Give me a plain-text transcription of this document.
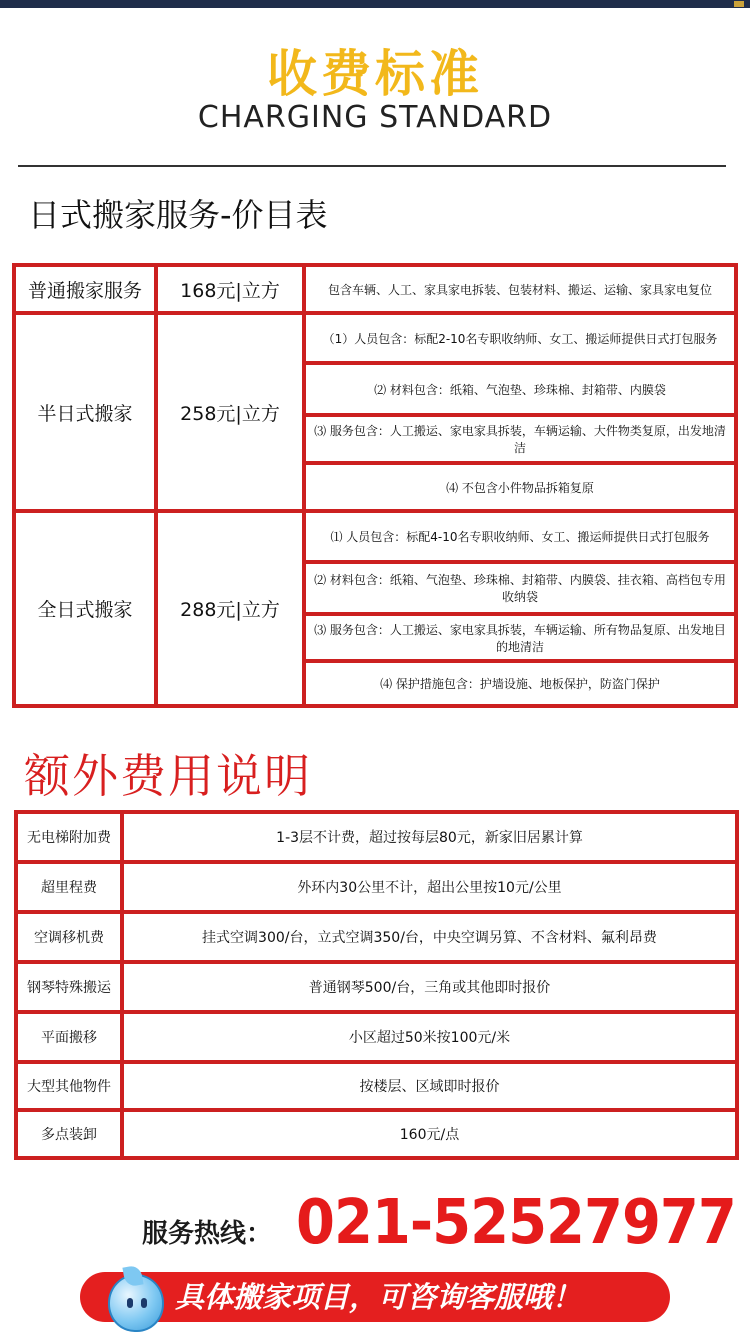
收费标准
CHARGING STANDARD
日式搬家服务-价目表
普通搬家服务	168元|立方	包含车辆、人工、家具家电拆装、包装材料、搬运、运输、家具家电复位
半日式搬家	258元|立方
（1）人员包含：标配2-10名专职收纳师、女工、搬运师提供日式打包服务
⑵ 材料包含：纸箱、气泡垫、珍珠棉、封箱带、内膜袋
⑶ 服务包含：人工搬运、家电家具拆装，车辆运输、大件物类复原，出发地清洁
⑷ 不包含小件物品拆箱复原
全日式搬家	288元|立方
⑴ 人员包含：标配4-10名专职收纳师、女工、搬运师提供日式打包服务
⑵ 材料包含：纸箱、气泡垫、珍珠棉、封箱带、内膜袋、挂衣箱、高档包专用收纳袋
⑶ 服务包含：人工搬运、家电家具拆装，车辆运输、所有物品复原、出发地目的地清洁
⑷ 保护措施包含：护墙设施、地板保护，防盗门保护
额外费用说明
无电梯附加费	1-3层不计费，超过按每层80元，新家旧居累计算
超里程费	外环内30公里不计，超出公里按10元/公里
空调移机费	挂式空调300/台，立式空调350/台，中央空调另算、不含材料、氟利昂费
钢琴特殊搬运	普通钢琴500/台，三角或其他即时报价
平面搬移	小区超过50米按100元/米
大型其他物件	按楼层、区域即时报价
多点装卸	160元/点
服务热线： 021-52527977
具体搬家项目，可咨询客服哦！
